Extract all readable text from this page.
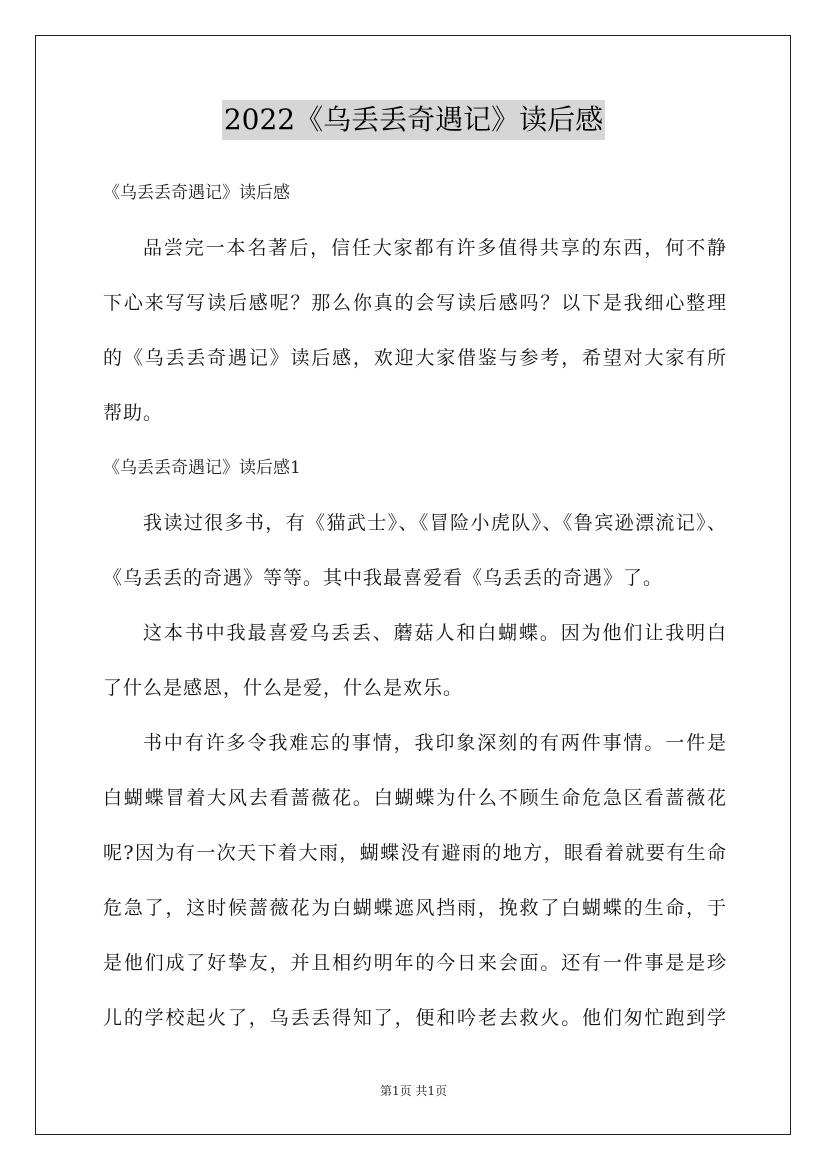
2022《乌丢丢奇遇记》读后感
《乌丢丢奇遇记》读后感
品尝完一本名著后，信任大家都有许多值得共享的东西，何不静
下心来写写读后感呢？那么你真的会写读后感吗？以下是我细心整理
的《乌丢丢奇遇记》读后感，欢迎大家借鉴与参考，希望对大家有所
帮助。
《乌丢丢奇遇记》读后感1
我读过很多书，有《猫武士》、《冒险小虎队》、《鲁宾逊漂流记》、
《乌丢丢的奇遇》等等。其中我最喜爱看《乌丢丢的奇遇》了。
这本书中我最喜爱乌丢丢、蘑菇人和白蝴蝶。因为他们让我明白
了什么是感恩，什么是爱，什么是欢乐。
书中有许多令我难忘的事情，我印象深刻的有两件事情。一件是
白蝴蝶冒着大风去看蔷薇花。白蝴蝶为什么不顾生命危急区看蔷薇花
呢?因为有一次天下着大雨，蝴蝶没有避雨的地方，眼看着就要有生命
危急了，这时候蔷薇花为白蝴蝶遮风挡雨，挽救了白蝴蝶的生命，于
是他们成了好挚友，并且相约明年的今日来会面。还有一件事是是珍
儿的学校起火了，乌丢丢得知了，便和吟老去救火。他们匆忙跑到学
第1页 共1页
